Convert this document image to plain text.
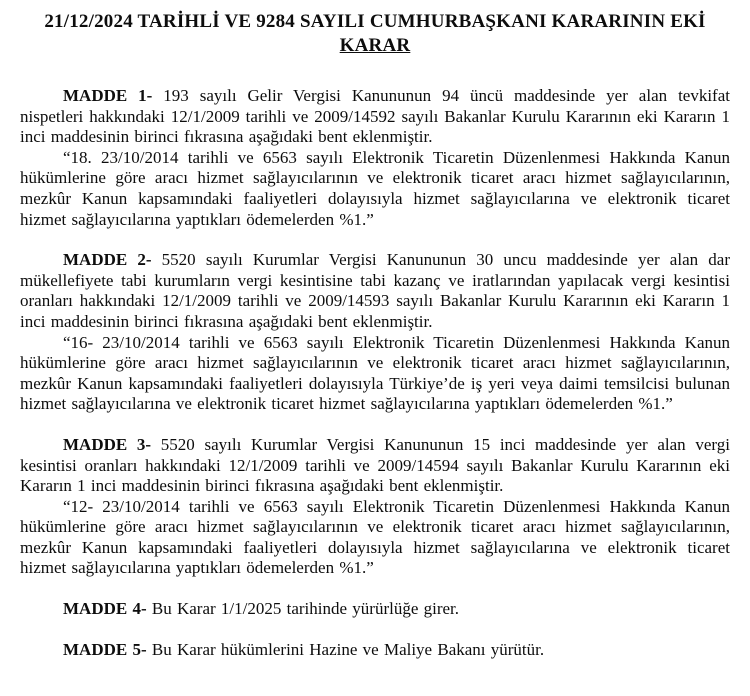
21/12/2024 TARİHLİ VE 9284 SAYILI CUMHURBAŞKANI KARARININ EKİ
KARAR

MADDE 1- 193 sayılı Gelir Vergisi Kanununun 94 üncü maddesinde yer alan tevkifat nispetleri hakkındaki 12/1/2009 tarihli ve 2009/14592 sayılı Bakanlar Kurulu Kararının eki Kararın 1 inci maddesinin birinci fıkrasına aşağıdaki bent eklenmiştir.

“18. 23/10/2014 tarihli ve 6563 sayılı Elektronik Ticaretin Düzenlenmesi Hakkında Kanun hükümlerine göre aracı hizmet sağlayıcılarının ve elektronik ticaret aracı hizmet sağlayıcılarının, mezkûr Kanun kapsamındaki faaliyetleri dolayısıyla hizmet sağlayıcılarına ve elektronik ticaret hizmet sağlayıcılarına yaptıkları ödemelerden %1.”

MADDE 2- 5520 sayılı Kurumlar Vergisi Kanununun 30 uncu maddesinde yer alan dar mükellefiyete tabi kurumların vergi kesintisine tabi kazanç ve iratlarından yapılacak vergi kesintisi oranları hakkındaki 12/1/2009 tarihli ve 2009/14593 sayılı Bakanlar Kurulu Kararının eki Kararın 1 inci maddesinin birinci fıkrasına aşağıdaki bent eklenmiştir.

“16- 23/10/2014 tarihli ve 6563 sayılı Elektronik Ticaretin Düzenlenmesi Hakkında Kanun hükümlerine göre aracı hizmet sağlayıcılarının ve elektronik ticaret aracı hizmet sağlayıcılarının, mezkûr Kanun kapsamındaki faaliyetleri dolayısıyla Türkiye’de iş yeri veya daimi temsilcisi bulunan hizmet sağlayıcılarına ve elektronik ticaret hizmet sağlayıcılarına yaptıkları ödemelerden %1.”

MADDE 3- 5520 sayılı Kurumlar Vergisi Kanununun 15 inci maddesinde yer alan vergi kesintisi oranları hakkındaki 12/1/2009 tarihli ve 2009/14594 sayılı Bakanlar Kurulu Kararının eki Kararın 1 inci maddesinin birinci fıkrasına aşağıdaki bent eklenmiştir.

“12- 23/10/2014 tarihli ve 6563 sayılı Elektronik Ticaretin Düzenlenmesi Hakkında Kanun hükümlerine göre aracı hizmet sağlayıcılarının ve elektronik ticaret aracı hizmet sağlayıcılarının, mezkûr Kanun kapsamındaki faaliyetleri dolayısıyla hizmet sağlayıcılarına ve elektronik ticaret hizmet sağlayıcılarına yaptıkları ödemelerden %1.”

MADDE 4- Bu Karar 1/1/2025 tarihinde yürürlüğe girer.

MADDE 5- Bu Karar hükümlerini Hazine ve Maliye Bakanı yürütür.
